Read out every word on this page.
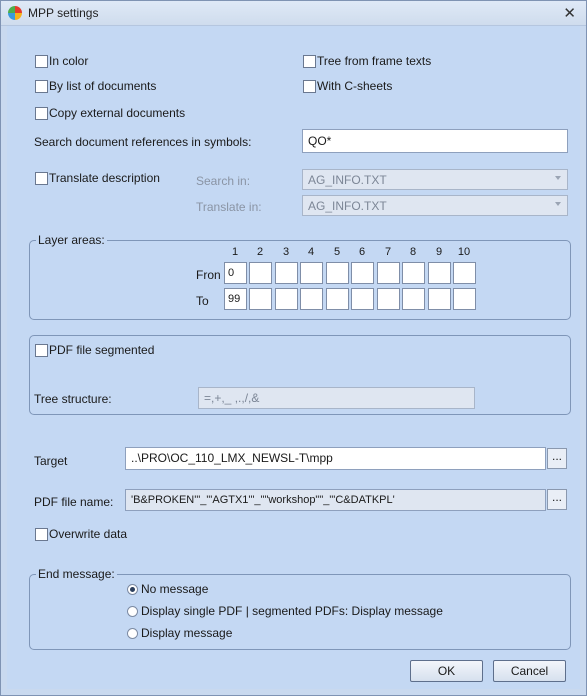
MPP settings	✕
In color	Tree from frame texts
By list of documents	With C-sheets
Copy external documents
Search document references in symbols:	QO*
Translate description	Search in:	AG_INFO.TXT
Translate in:	AG_INFO.TXT
Layer areas:
1	2	3	4	5	6	7	8	9	10
Fron 0
To	99
PDF file segmented
Tree structure:	=,+,_ ,.,/,&
Target	..\PRO\OC_110_LMX_NEWSL-T\mpp	...
PDF file name:	'B&PROKEN'"_"'AGTX1'"_""workshop""_"'C&DATKPL'	...
Overwrite data
End message:
No message
Display single PDF | segmented PDFs: Display message
Display message
OK	Cancel
